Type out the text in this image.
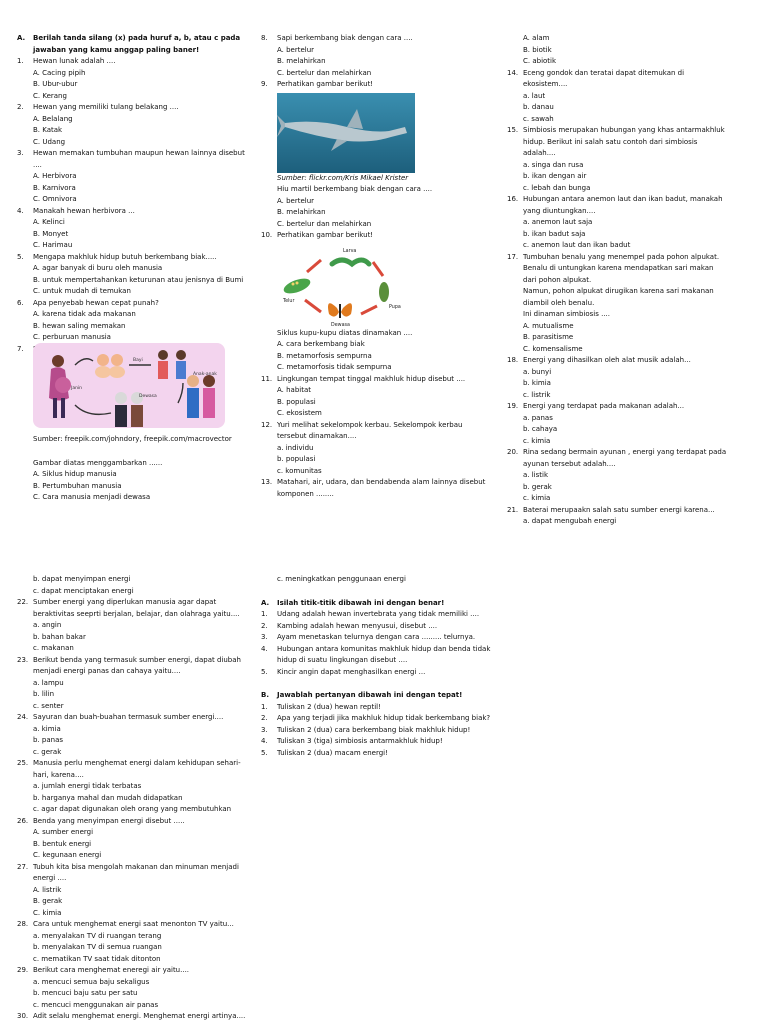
A.	Berilah tanda silang (x) pada huruf a, b, atau c pada jawaban yang kamu anggap paling baner!
1.	Hewan lunak adalah ....
A. Cacing pipih
B. Ubur-ubur
C. Kerang
2.	Hewan yang memiliki tulang belakang ....
A. Belalang
B. Katak
C. Udang
3.	Hewan memakan tumbuhan maupun hewan lainnya disebut ....
A. Herbivora
B. Karnivora
C. Omnivora
4.	Manakah hewan herbivora ...
A. Kelinci
B. Monyet
C. Harimau
5.	Mengapa makhluk hidup butuh berkembang biak.....
A. agar banyak di buru oleh manusia
B. untuk mempertahankan keturunan atau jenisnya di Bumi
C. untuk mudah di temukan
6.	Apa penyebab hewan cepat punah?
A. karena tidak ada makanan
B. hewan saling memakan
C. perburuan manusia
7.
Janin
Bayi
Anak-anak
Dewasa
Sumber: freepik.com/johndory, freepik.com/macrovector
Gambar diatas menggambarkan ......
A. Siklus hidup manusia
B. Pertumbuhan manusia
C. Cara manusia menjadi dewasa
8.	Sapi berkembang biak dengan cara ....
A. bertelur
B. melahirkan
C. bertelur dan melahirkan
9.	Perhatikan gambar berikut!
Sumber: flickr.com/Kris Mikael Krister
Hiu martil berkembang biak dengan cara ....
A. bertelur
B. melahirkan
C. bertelur dan melahirkan
10. Perhatikan gambar berikut!
Larva
Telur
Pupa
Dewasa
Siklus kupu-kupu diatas dinamakan ....
A. cara berkembang biak
B. metamorfosis sempurna
C. metamorfosis tidak sempurna
11. Lingkungan tempat tinggal makhluk hidup disebut ....
A. habitat
B. populasi
C. ekosistem
12. Yuri melihat sekelompok kerbau. Sekelompok kerbau tersebut dinamakan....
a. individu
b. populasi
c. komunitas
13. Matahari, air, udara, dan bendabenda alam lainnya disebut komponen ........
A. alam
B. biotik
C. abiotik
14. Eceng gondok dan teratai dapat ditemukan di ekosistem....
a. laut
b. danau
c. sawah
15. Simbiosis merupakan hubungan yang khas antarmakhluk hidup. Berikut ini salah satu contoh dari simbiosis adalah....
a. singa dan rusa
b. ikan dengan air
c. lebah dan bunga
16. Hubungan antara anemon laut dan ikan badut, manakah yang diuntungkan....
a. anemon laut saja
b. ikan badut saja
c. anemon laut dan ikan badut
17. Tumbuhan benalu yang menempel pada pohon alpukat. Benalu di untungkan karena mendapatkan sari makan dari pohon alpukat.
Namun, pohon alpukat dirugikan karena sari makanan diambil oleh benalu.
Ini dinaman simbiosis ....
A. mutualisme
B. parasitisme
C. komensalisme
18. Energi yang dihasilkan oleh alat musik adalah...
a. bunyi
b. kimia
c. listrik
19. Energi yang terdapat pada makanan adalah...
a. panas
b. cahaya
c. kimia
20. Rina sedang bermain ayunan , energi yang terdapat pada ayunan tersebut adalah....
a. listik
b. gerak
c. kimia
21. Baterai merupaakn salah satu sumber energi karena...
a. dapat mengubah energi
b. dapat menyimpan energi
c. dapat menciptakan energi
22. Sumber energi yang diperlukan manusia agar dapat beraktivitas seeprti berjalan, belajar, dan olahraga yaitu....
a. angin
b. bahan bakar
c. makanan
23. Berikut benda yang termasuk sumber energi, dapat diubah menjadi energi panas dan cahaya yaitu....
a. lampu
b. lilin
c. senter
24. Sayuran dan buah-buahan termasuk sumber energi....
a. kimia
b. panas
c. gerak
25. Manusia perlu menghemat energi dalam kehidupan sehari-hari, karena....
a. jumlah energi tidak terbatas
b. harganya mahal dan mudah didapatkan
c. agar dapat digunakan oleh orang yang membutuhkan
26. Benda yang menyimpan energi disebut .....
A. sumber energi
B. bentuk energi
C. kegunaan energi
27. Tubuh kita bisa mengolah makanan dan minuman menjadi energi ....
A. listrik
B. gerak
C. kimia
28. Cara untuk menghemat energi saat menonton TV yaitu...
a. menyalakan TV di ruangan terang
b. menyalakan TV di semua ruangan
c. mematikan TV saat tidak ditonton
29. Berikut cara menghemat eneregi air yaitu....
a. mencuci semua baju sekaligus
b. mencuci baju satu per satu
c. mencuci menggunakan air panas
30. Adit selalu menghemat energi. Menghemat energi artinya....
c. meningkatkan penggunaan energi
A.	Isilah titik-titik dibawah ini dengan benar!
1.	Udang adalah hewan invertebrata yang tidak memiliki ....
2.	Kambing adalah hewan menyusui, disebut ....
3.	Ayam menetaskan telurnya dengan cara ......... telurnya.
4.	Hubungan antara komunitas makhluk hidup dan benda tidak hidup di suatu lingkungan disebut ....
5.	Kincir angin dapat menghasilkan energi ...
B.	Jawablah pertanyan dibawah ini dengan tepat!
1.	Tuliskan 2 (dua) hewan reptil!
2.	Apa yang terjadi jika makhluk hidup tidak berkembang biak?
3.	Tuliskan 2 (dua) cara berkembang biak makhluk hidup!
4.	Tuliskan 3 (tiga) simbiosis antarmakhluk hidup!
5.	Tuliskan 2 (dua) macam energi!
